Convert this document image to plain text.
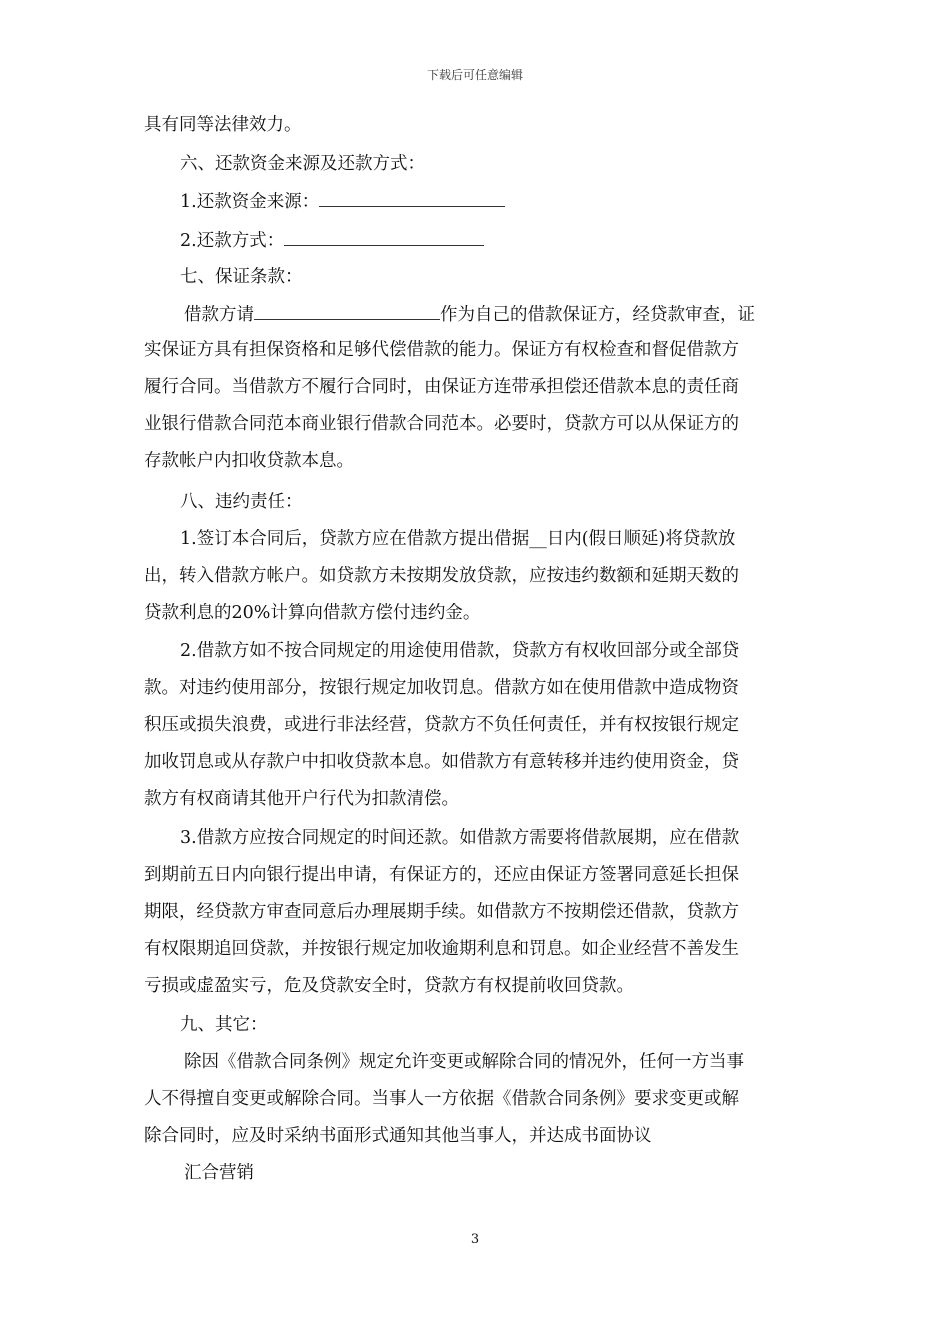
下载后可任意编辑
具有同等法律效力。
六、还款资金来源及还款方式：
1.还款资金来源：
2.还款方式：
七、保证条款：
借款方请	作为自己的借款保证方，经贷款审查，证
实保证方具有担保资格和足够代偿借款的能力。保证方有权检查和督促借款方
履行合同。当借款方不履行合同时，由保证方连带承担偿还借款本息的责任商
业银行借款合同范本商业银行借款合同范本。必要时，贷款方可以从保证方的
存款帐户内扣收贷款本息。
八、违约责任：
1.签订本合同后，贷款方应在借款方提出借据__日内(假日顺延)将贷款放
出，转入借款方帐户。如贷款方未按期发放贷款，应按违约数额和延期天数的
贷款利息的20%计算向借款方偿付违约金。
2.借款方如不按合同规定的用途使用借款，贷款方有权收回部分或全部贷
款。对违约使用部分，按银行规定加收罚息。借款方如在使用借款中造成物资
积压或损失浪费，或进行非法经营，贷款方不负任何责任，并有权按银行规定
加收罚息或从存款户中扣收贷款本息。如借款方有意转移并违约使用资金，贷
款方有权商请其他开户行代为扣款清偿。
3.借款方应按合同规定的时间还款。如借款方需要将借款展期，应在借款
到期前五日内向银行提出申请，有保证方的，还应由保证方签署同意延长担保
期限，经贷款方审查同意后办理展期手续。如借款方不按期偿还借款，贷款方
有权限期追回贷款，并按银行规定加收逾期利息和罚息。如企业经营不善发生
亏损或虚盈实亏，危及贷款安全时，贷款方有权提前收回贷款。
九、其它：
除因《借款合同条例》规定允许变更或解除合同的情况外，任何一方当事
人不得擅自变更或解除合同。当事人一方依据《借款合同条例》要求变更或解
除合同时，应及时采纳书面形式通知其他当事人，并达成书面协议
汇合营销
3
